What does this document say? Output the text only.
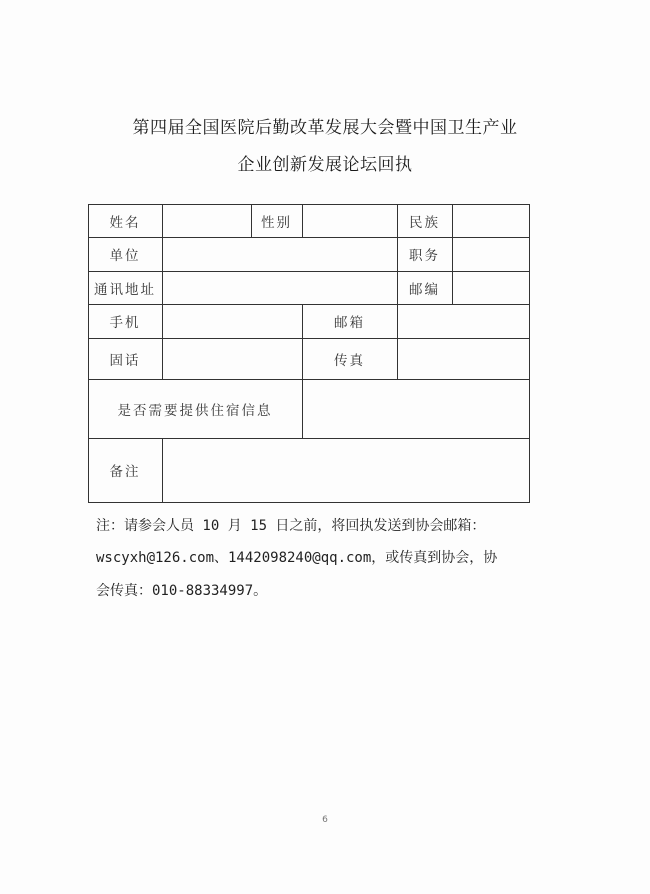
第四届全国医院后勤改革发展大会暨中国卫生产业
企业创新发展论坛回执
姓名	性别	民族
单位	职务
通讯地址	邮编
手机	邮箱
固话	传真
是否需要提供住宿信息
备注
注：请参会人员 10 月 15 日之前，将回执发送到协会邮箱：
wscyxh@126.com、1442098240@qq.com，或传真到协会，协
会传真：010-88334997。
6
